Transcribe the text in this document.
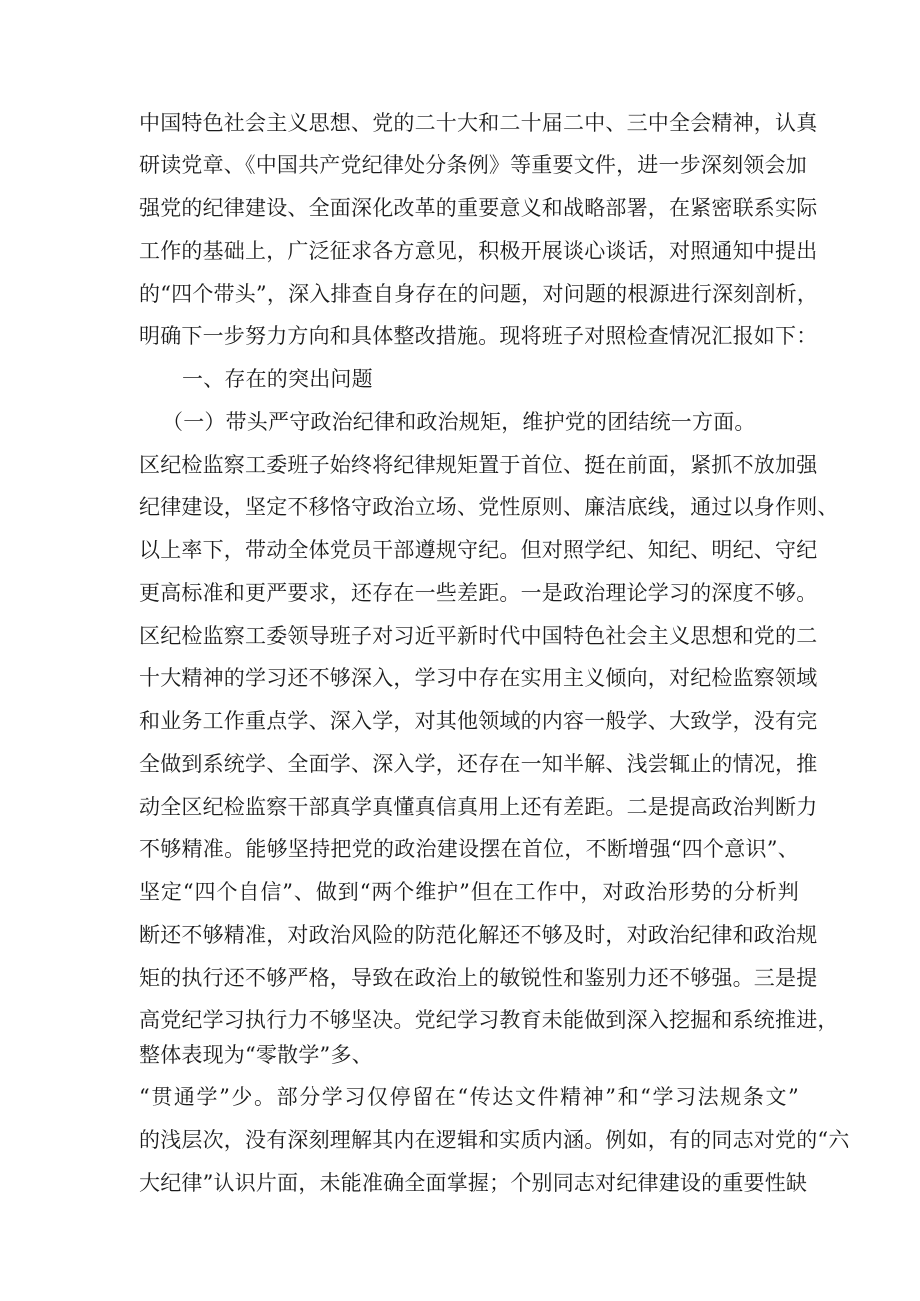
中国特色社会主义思想、党的二十大和二十届二中、三中全会精神，认真
研读党章、《中国共产党纪律处分条例》等重要文件，进一步深刻领会加
强党的纪律建设、全面深化改革的重要意义和战略部署，在紧密联系实际
工作的基础上，广泛征求各方意见，积极开展谈心谈话，对照通知中提出
的“四个带头”，深入排查自身存在的问题，对问题的根源进行深刻剖析，
明确下一步努力方向和具体整改措施。现将班子对照检查情况汇报如下：
一、存在的突出问题
（一）带头严守政治纪律和政治规矩，维护党的团结统一方面。
区纪检监察工委班子始终将纪律规矩置于首位、挺在前面，紧抓不放加强
纪律建设，坚定不移恪守政治立场、党性原则、廉洁底线，通过以身作则、
以上率下，带动全体党员干部遵规守纪。但对照学纪、知纪、明纪、守纪
更高标准和更严要求，还存在一些差距。一是政治理论学习的深度不够。
区纪检监察工委领导班子对习近平新时代中国特色社会主义思想和党的二
十大精神的学习还不够深入，学习中存在实用主义倾向，对纪检监察领域
和业务工作重点学、深入学，对其他领域的内容一般学、大致学，没有完
全做到系统学、全面学、深入学，还存在一知半解、浅尝辄止的情况，推
动全区纪检监察干部真学真懂真信真用上还有差距。二是提高政治判断力
不够精准。能够坚持把党的政治建设摆在首位，不断增强“四个意识”、
坚定“四个自信”、做到“两个维护”但在工作中，对政治形势的分析判
断还不够精准，对政治风险的防范化解还不够及时，对政治纪律和政治规
矩的执行还不够严格，导致在政治上的敏锐性和鉴别力还不够强。三是提
高党纪学习执行力不够坚决。党纪学习教育未能做到深入挖掘和系统推进，
整体表现为“零散学”多、
“贯通学”少。部分学习仅停留在“传达文件精神”和“学习法规条文”
的浅层次，没有深刻理解其内在逻辑和实质内涵。例如，有的同志对党的“六
大纪律”认识片面，未能准确全面掌握；个别同志对纪律建设的重要性缺
